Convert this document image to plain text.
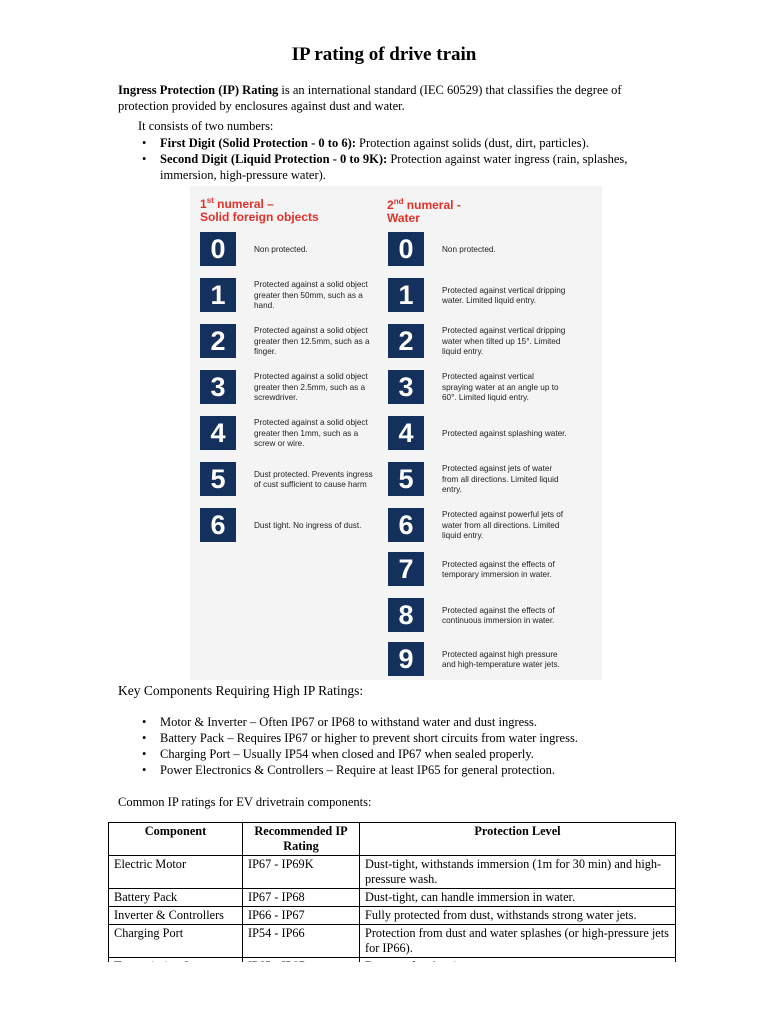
IP rating of drive train
Ingress Protection (IP) Rating is an international standard (IEC 60529) that classifies the degree of
protection provided by enclosures against dust and water.
It consists of two numbers:
• First Digit (Solid Protection - 0 to 6): Protection against solids (dust, dirt, particles).
• Second Digit (Liquid Protection - 0 to 9K): Protection against water ingress (rain, splashes, immersion, high-pressure water).
1st numeral –
Solid foreign objects
2nd numeral -
Water
0	Non protected.
1	Protected against a solid object greater then 50mm, such as a hand.
2	Protected against a solid object greater then 12.5mm, such as a finger.
3	Protected against a solid object greater then 2.5mm, such as a screwdriver.
4	Protected against a solid object greater then 1mm, such as a screw or wire.
5	Dust protected. Prevents ingress of cust sufficient to cause harm
6	Dust tight. No ingress of dust.
0	Non protected.
1	Protected against vertical dripping water. Limited liquid entry.
2	Protected against vertical dripping water when tilted up 15°. Limited liquid entry.
3	Protected against vertical spraying water at an angle up to 60°. Limited liquid entry.
4	Protected against splashing water.
5	Protected against jets of water from all directions. Limited liquid entry.
6	Protected against powerful jets of water from all directions. Limited liquid entry.
7	Protected against the effects of temporary immersion in water.
8	Protected against the effects of continuous immersion in water.
9	Protected against high pressure and high-temperature water jets.
Key Components Requiring High IP Ratings:
• Motor & Inverter – Often IP67 or IP68 to withstand water and dust ingress.
• Battery Pack – Requires IP67 or higher to prevent short circuits from water ingress.
• Charging Port – Usually IP54 when closed and IP67 when sealed properly.
• Power Electronics & Controllers – Require at least IP65 for general protection.
Common IP ratings for EV drivetrain components:
Component	Recommended IP Rating	Protection Level
Electric Motor	IP67 - IP69K	Dust-tight, withstands immersion (1m for 30 min) and high-pressure wash.
Battery Pack	IP67 - IP68	Dust-tight, can handle immersion in water.
Inverter & Controllers	IP66 - IP67	Fully protected from dust, withstands strong water jets.
Charging Port	IP54 - IP66	Protection from dust and water splashes (or high-pressure jets for IP66).
